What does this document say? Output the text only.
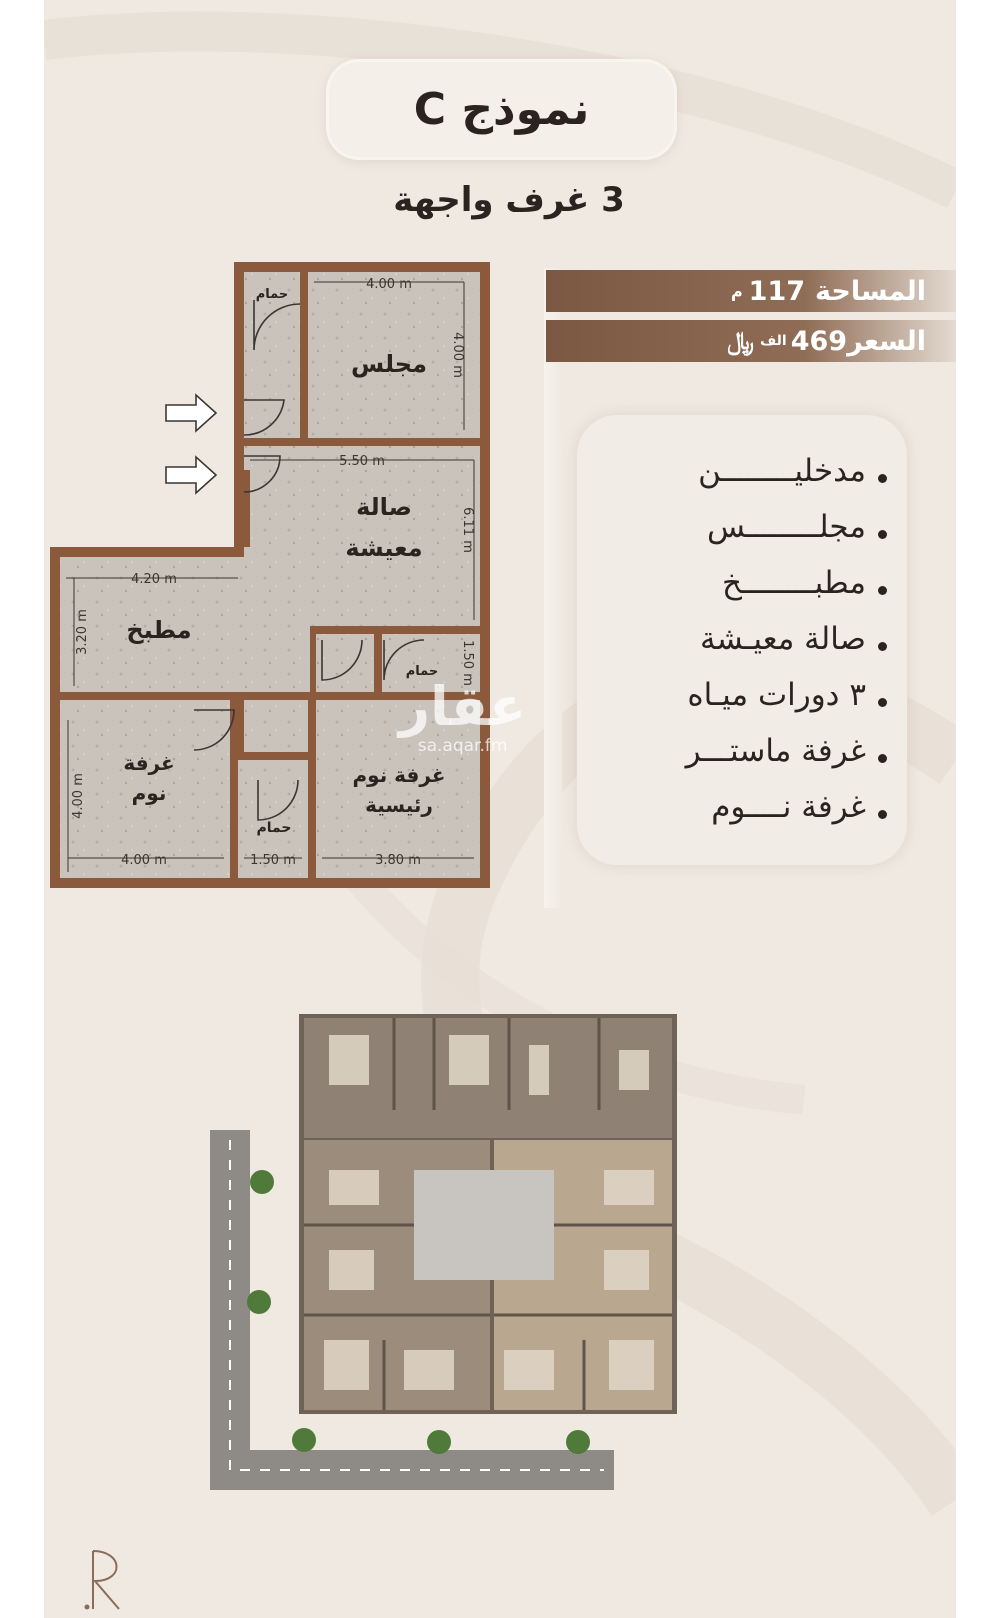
نموذج C
3 غرف واجهة
المساحة
117
م
السعر
469
الف
﷼
مدخليــــــــن
مجلــــــــس
مطبــــــــخ
صالة معيـشة
٣ دورات ميـاه
غرفة ماستـــر
غرفة نــــوم
حمام
مجلس
صالة
معيشة
مطبخ
حمام
غرفة
نوم
حمام
غرفة نوم
رئيسية
4.00 m
4.00 m
5.50 m
6.11 m
4.20 m
3.20 m
1.50 m
4.00 m
4.00 m	1.50 m	3.80 m
عقار
sa.aqar.fm
